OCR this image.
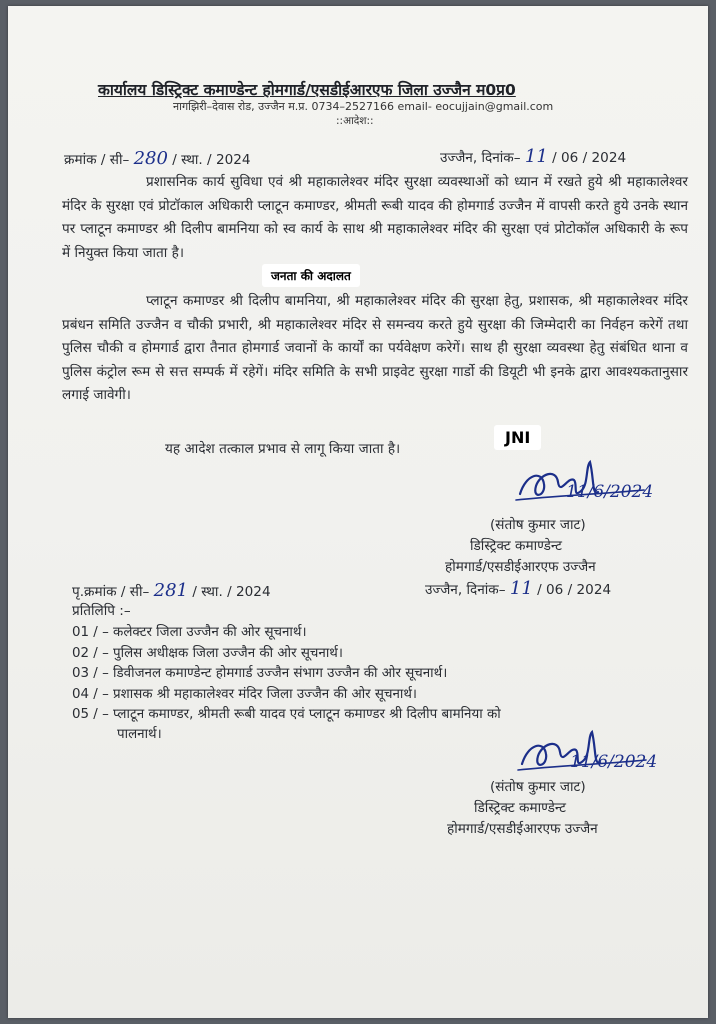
कार्यालय डिस्ट्रिक्ट कमाण्डेन्ट होमगार्ड/एसडीईआरएफ जिला उज्जैन म0प्र0
नागझिरी–देवास रोड, उज्जैन म.प्र. 0734–2527166 email- eocujjain@gmail.com
::आदेश::
क्रमांक / सी– 280 / स्था. / 2024	उज्जैन, दिनांक– 11 / 06 / 2024
प्रशासनिक कार्य सुविधा एवं श्री महाकालेश्वर मंदिर सुरक्षा व्यवस्थाओं को ध्यान में रखते हुये श्री महाकालेश्वर मंदिर के सुरक्षा एवं प्रोटॉकाल अधिकारी प्लाटून कमाण्डर, श्रीमती रूबी यादव की होमगार्ड उज्जैन में वापसी करते हुये उनके स्थान पर प्लाटून कमाण्डर श्री दिलीप बामनिया को स्व कार्य के साथ श्री महाकालेश्वर मंदिर की सुरक्षा एवं प्रोटोकॉल अधिकारी के रूप में नियुक्त किया जाता है।
प्लाटून कमाण्डर श्री दिलीप बामनिया, श्री महाकालेश्वर मंदिर की सुरक्षा हेतु, प्रशासक, श्री महाकालेश्वर मंदिर प्रबंधन समिति उज्जैन व चौकी प्रभारी, श्री महाकालेश्वर मंदिर से समन्वय करते हुये सुरक्षा की जिम्मेदारी का निर्वहन करेगें तथा पुलिस चौकी व होमगार्ड द्वारा तैनात होमगार्ड जवानों के कार्यों का पर्यवेक्षण करेगें। साथ ही सुरक्षा व्यवस्था हेतु संबंधित थाना व पुलिस कंट्रोल रूम से सत्त सम्पर्क में रहेगें। मंदिर समिति के सभी प्राइवेट सुरक्षा गार्डो की डियूटी भी इनके द्वारा आवश्यकतानुसार लगाई जावेगी।
यह आदेश तत्काल प्रभाव से लागू किया जाता है।
जनता की अदालत
JNI
11/6/2024
(संतोष कुमार जाट)
डिस्ट्रिक्ट कमाण्डेन्ट
होमगार्ड/एसडीईआरएफ उज्जैन
पृ.क्रमांक / सी– 281 / स्था. / 2024	उज्जैन, दिनांक– 11 / 06 / 2024
प्रतिलिपि :–
01 / – कलेक्टर जिला उज्जैन की ओर सूचनार्थ।
02 / – पुलिस अधीक्षक जिला उज्जैन की ओर सूचनार्थ।
03 / – डिवीजनल कमाण्डेन्ट होमगार्ड उज्जैन संभाग उज्जैन की ओर सूचनार्थ।
04 / – प्रशासक श्री महाकालेश्वर मंदिर जिला उज्जैन की ओर सूचनार्थ।
05 / – प्लाटून कमाण्डर, श्रीमती रूबी यादव एवं प्लाटून कमाण्डर श्री दिलीप बामनिया को
पालनार्थ।
11/6/2024
(संतोष कुमार जाट)
डिस्ट्रिक्ट कमाण्डेन्ट
होमगार्ड/एसडीईआरएफ उज्जैन
